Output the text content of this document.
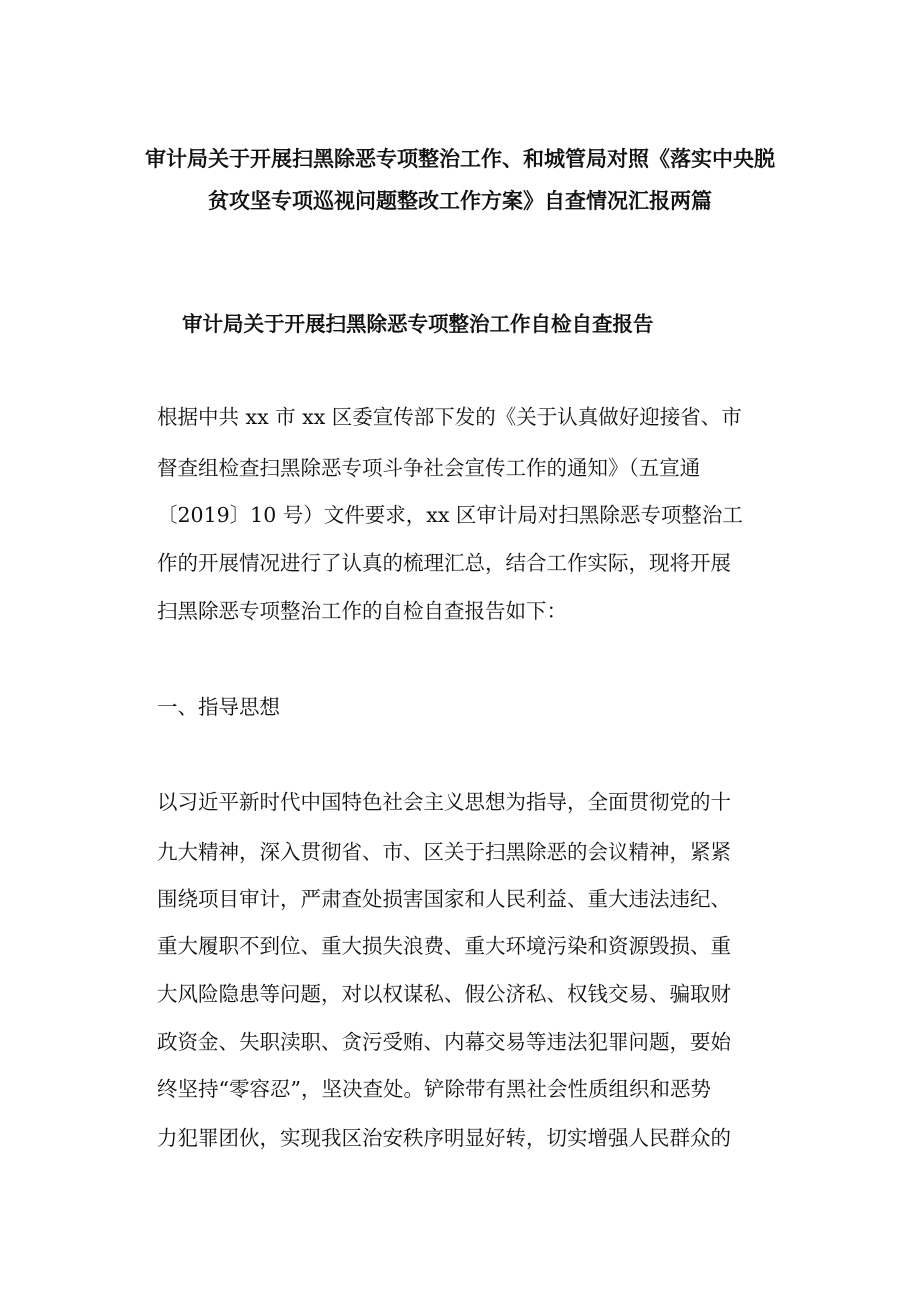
审计局关于开展扫黑除恶专项整治工作、和城管局对照《落实中央脱
贫攻坚专项巡视问题整改工作方案》自查情况汇报两篇
审计局关于开展扫黑除恶专项整治工作自检自查报告
根据中共 xx 市 xx 区委宣传部下发的《关于认真做好迎接省、市
督查组检查扫黑除恶专项斗争社会宣传工作的通知》（五宣通
〔2019〕10 号）文件要求，xx 区审计局对扫黑除恶专项整治工
作的开展情况进行了认真的梳理汇总，结合工作实际，现将开展
扫黑除恶专项整治工作的自检自查报告如下：
一、指导思想
以习近平新时代中国特色社会主义思想为指导，全面贯彻党的十
九大精神，深入贯彻省、市、区关于扫黑除恶的会议精神，紧紧
围绕项目审计，严肃查处损害国家和人民利益、重大违法违纪、
重大履职不到位、重大损失浪费、重大环境污染和资源毁损、重
大风险隐患等问题，对以权谋私、假公济私、权钱交易、骗取财
政资金、失职渎职、贪污受贿、内幕交易等违法犯罪问题，要始
终坚持“零容忍”，坚决查处。铲除带有黑社会性质组织和恶势
力犯罪团伙，实现我区治安秩序明显好转，切实增强人民群众的
